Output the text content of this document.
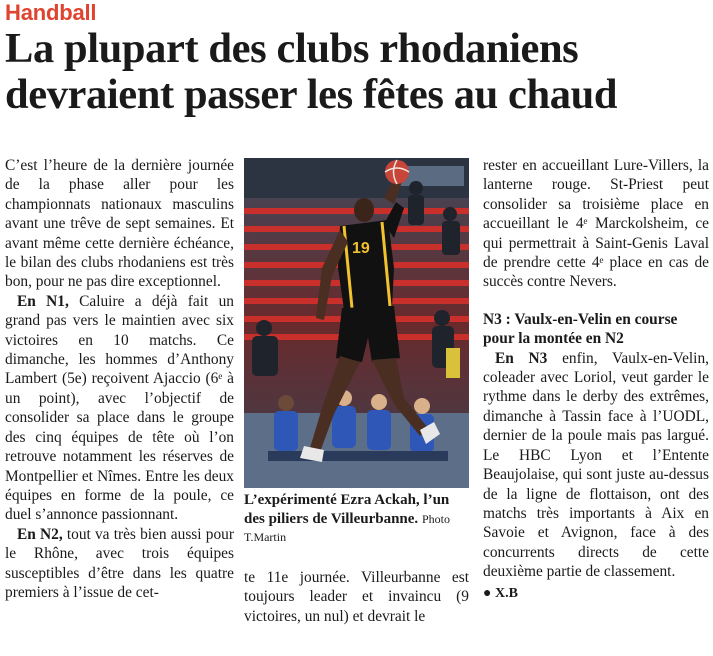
Handball
La plupart des clubs rhodaniens
devraient passer les fêtes au chaud

C’est l’heure de la dernière journée de la phase aller pour les championnats nationaux masculins avant une trêve de sept semaines. Et avant même cette dernière échéance, le bilan des clubs rhodaniens est très bon, pour ne pas dire exceptionnel.

En N1, Caluire a déjà fait un grand pas vers le maintien avec six victoires en 10 matchs. Ce dimanche, les hommes d’Anthony Lambert (5e) reçoivent Ajaccio (6ᵉ à un point), avec l’objectif de consolider sa place dans le groupe des cinq équipes de tête où l’on retrouve notamment les réserves de Montpellier et Nîmes. Entre les deux équipes en forme de la poule, ce duel s’annonce passionnant.

En N2, tout va très bien aussi pour le Rhône, avec trois équipes susceptibles d’être dans les quatre premiers à l’issue de cet-

19
L’expérimenté Ezra Ackah, l’un des piliers de Villeurbanne. Photo T.Martin

te 11e journée. Villeurbanne est toujours leader et invaincu (9 victoires, un nul) et devrait le

rester en accueillant Lure-Villers, la lanterne rouge. St-Priest peut consolider sa troisième place en accueillant le 4ᵉ Marckolsheim, ce qui permettrait à Saint-Genis Laval de prendre cette 4ᵉ place en cas de succès contre Nevers.

N3 : Vaulx-en-Velin en course pour la montée en N2

En N3 enfin, Vaulx-en-Velin, coleader avec Loriol, veut garder le rythme dans le derby des extrêmes, dimanche à Tassin face à l’UODL, dernier de la poule mais pas largué. Le HBC Lyon et l’Entente Beaujolaise, qui sont juste au-dessus de la ligne de flottaison, ont des matchs très importants à Aix en Savoie et Avignon, face à des concurrents directs de cette deuxième partie de classement.

● X.B
